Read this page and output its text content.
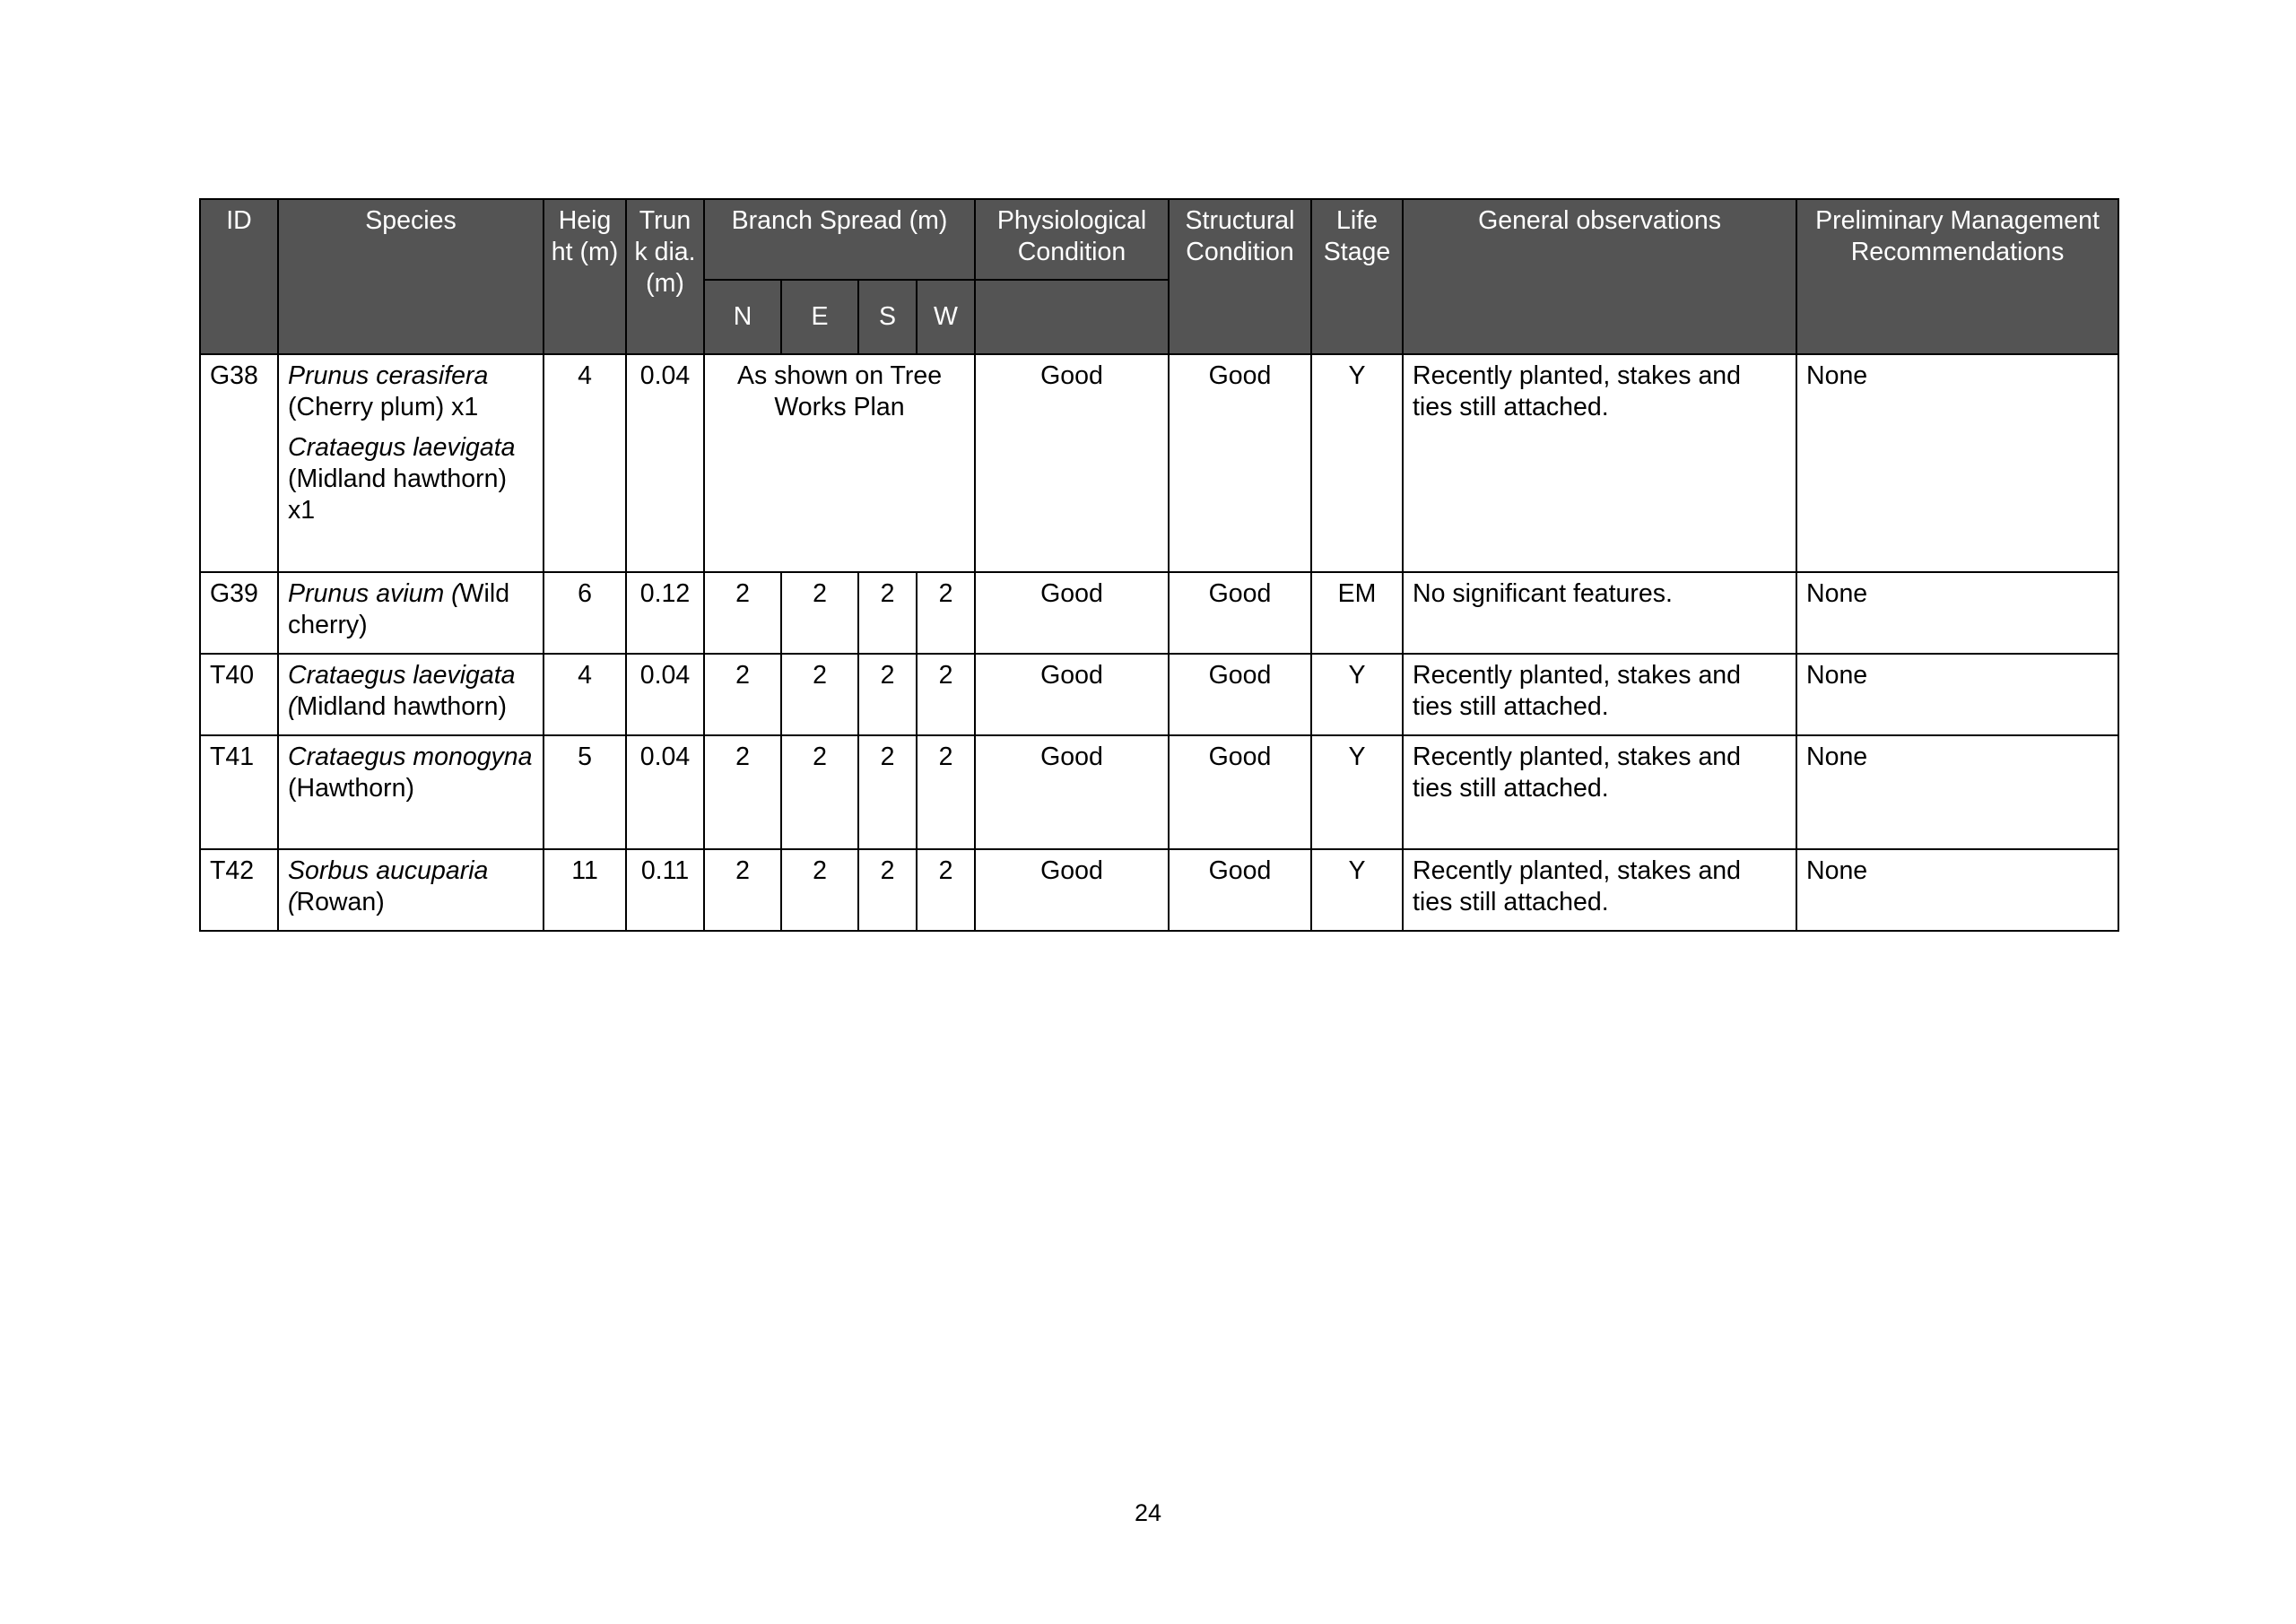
ID	Species	Heig ht (m)	Trun k dia. (m)	Branch Spread (m)				Physiological Condition	Structural Condition	Life Stage	General observations	Preliminary Management Recommendations
				N	E	S	W					
G38	Prunus cerasifera (Cherry plum) x1
Crataegus laevigata (Midland hawthorn) x1	4	0.04	As shown on Tree Works Plan				Good	Good	Y	Recently planted, stakes and ties still attached.	None
G39	Prunus avium (Wild cherry)	6	0.12	2	2	2	2	Good	Good	EM	No significant features.	None
T40	Crataegus laevigata (Midland hawthorn)	4	0.04	2	2	2	2	Good	Good	Y	Recently planted, stakes and ties still attached.	None
T41	Crataegus monogyna (Hawthorn)	5	0.04	2	2	2	2	Good	Good	Y	Recently planted, stakes and ties still attached.	None
T42	Sorbus aucuparia (Rowan)	11	0.11	2	2	2	2	Good	Good	Y	Recently planted, stakes and ties still attached.	None
24
